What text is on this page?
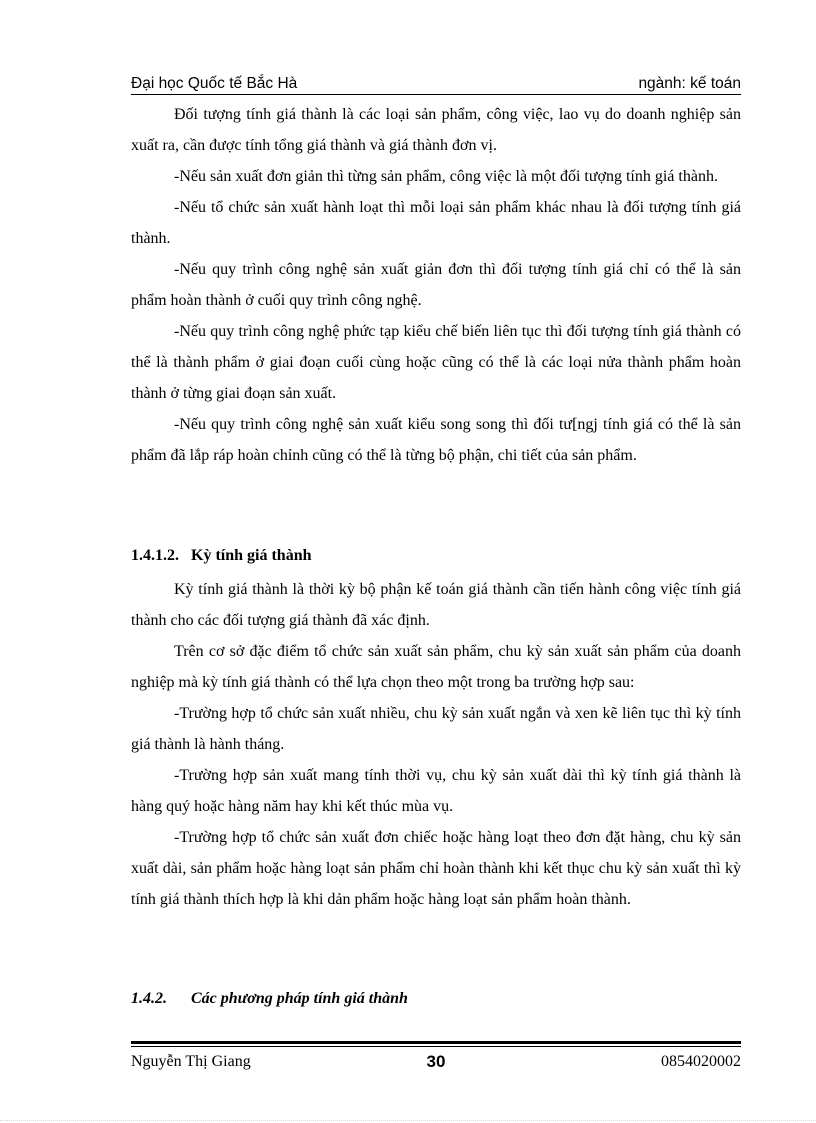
Đại học Quốc tế Bắc Hà	ngành: kế toán

Đối tượng tính giá thành là các loại sản phẩm, công việc, lao vụ do doanh nghiệp sản xuất ra, cần được tính tổng giá thành và giá thành đơn vị.

-Nếu sản xuất đơn giản thì từng sản phẩm, công việc là một đối tượng tính giá thành.

-Nếu tổ chức sản xuất hành loạt thì mỗi loại sản phẩm khác nhau là đối tượng tính giá thành.

-Nếu quy trình công nghệ sản xuất giản đơn thì đối tượng tính giá chỉ có thể là sản phẩm hoàn thành ở cuối quy trình công nghệ.

-Nếu quy trình công nghệ phức tạp kiểu chế biến liên tục thì đối tượng tính giá thành có thể là thành phẩm ở giai đoạn cuối cùng hoặc cũng có thể là các loại nửa thành phẩm hoàn thành ở từng giai đoạn sản xuất.

-Nếu quy trình công nghệ sản xuất kiểu song song thì đối tư[ngj tính giá có thể là sản phẩm đã lắp ráp hoàn chỉnh cũng có thể là từng bộ phận, chi tiết của sản phẩm.

1.4.1.2. Kỳ tính giá thành

Kỳ tính giá thành là thời kỳ bộ phận kế toán giá thành cần tiến hành công việc tính giá thành cho các đối tượng giá thành đã xác định.

Trên cơ sở đặc điểm tổ chức sản xuất sản phẩm, chu kỳ sản xuất sản phẩm của doanh nghiệp mà kỳ tính giá thành có thể lựa chọn theo một trong ba trường hợp sau:

-Trường hợp tổ chức sản xuất nhiều, chu kỳ sản xuất ngắn và xen kẽ liên tục thì kỳ tính giá thành là hành tháng.

-Trường hợp sản xuất mang tính thời vụ, chu kỳ sản xuất dài thì kỳ tính giá thành là hàng quý hoặc hàng năm hay khi kết thúc mùa vụ.

-Trường hợp tổ chức sản xuất đơn chiếc hoặc hàng loạt theo đơn đặt hàng, chu kỳ sản xuất dài, sản phẩm hoặc hàng loạt sản phẩm chỉ hoàn thành khi kết thục chu kỳ sản xuất thì kỳ tính giá thành thích hợp là khi dản phẩm hoặc hàng loạt sản phẩm hoàn thành.

1.4.2. Các phương pháp tính giá thành
Nguyễn Thị Giang	30	0854020002
